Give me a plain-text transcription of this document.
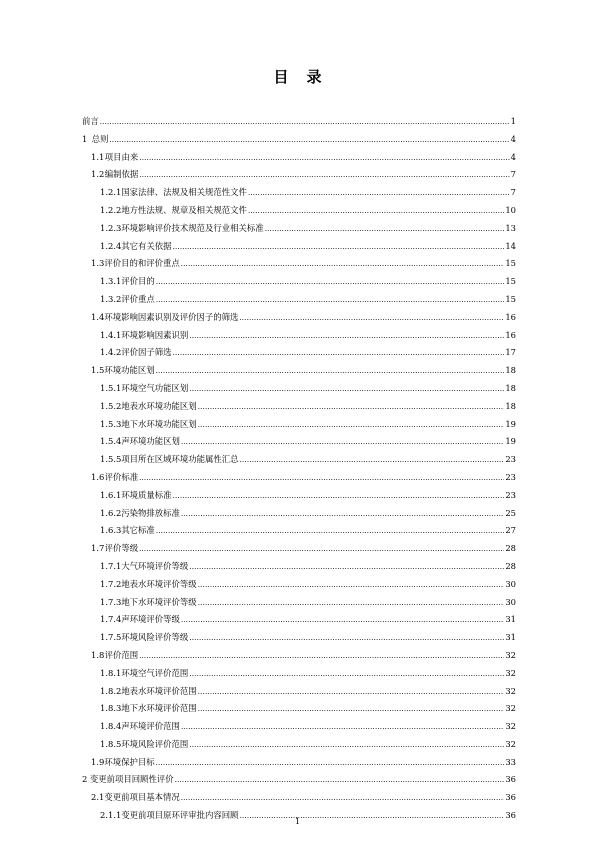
目 录
前言 .....	1
1 总则 .....	4
1.1 项目由来 .....	4
1.2 编制依据 .....	7
1.2.1 国家法律、法规及相关规范性文件 .....	7
1.2.2 地方性法规、规章及相关规范文件 .....	10
1.2.3 环境影响评价技术规范及行业相关标准 .....	13
1.2.4 其它有关依据 .....	14
1.3 评价目的和评价重点 .....	15
1.3.1 评价目的 .....	15
1.3.2 评价重点 .....	15
1.4 环境影响因素识别及评价因子的筛选 .....	16
1.4.1 环境影响因素识别 .....	16
1.4.2 评价因子筛选 .....	17
1.5 环境功能区划 .....	18
1.5.1 环境空气功能区划 .....	18
1.5.2 地表水环境功能区划 .....	18
1.5.3 地下水环境功能区划 .....	19
1.5.4 声环境功能区划 .....	19
1.5.5 项目所在区域环境功能属性汇总 .....	23
1.6 评价标准 .....	23
1.6.1 环境质量标准 .....	23
1.6.2 污染物排放标准 .....	25
1.6.3 其它标准 .....	27
1.7 评价等级 .....	28
1.7.1 大气环境评价等级 .....	28
1.7.2 地表水环境评价等级 .....	30
1.7.3 地下水环境评价等级 .....	30
1.7.4 声环境评价等级 .....	31
1.7.5 环境风险评价等级 .....	31
1.8 评价范围 .....	32
1.8.1 环境空气评价范围 .....	32
1.8.2 地表水环境评价范围 .....	32
1.8.3 地下水环境评价范围 .....	32
1.8.4 声环境评价范围 .....	32
1.8.5 环境风险评价范围 .....	32
1.9 环境保护目标 .....	33
2 变更前项目回顾性评价 .....	36
2.1 变更前项目基本情况 .....	36
2.1.1 变更前项目原环评审批内容回顾 .....	36
1
